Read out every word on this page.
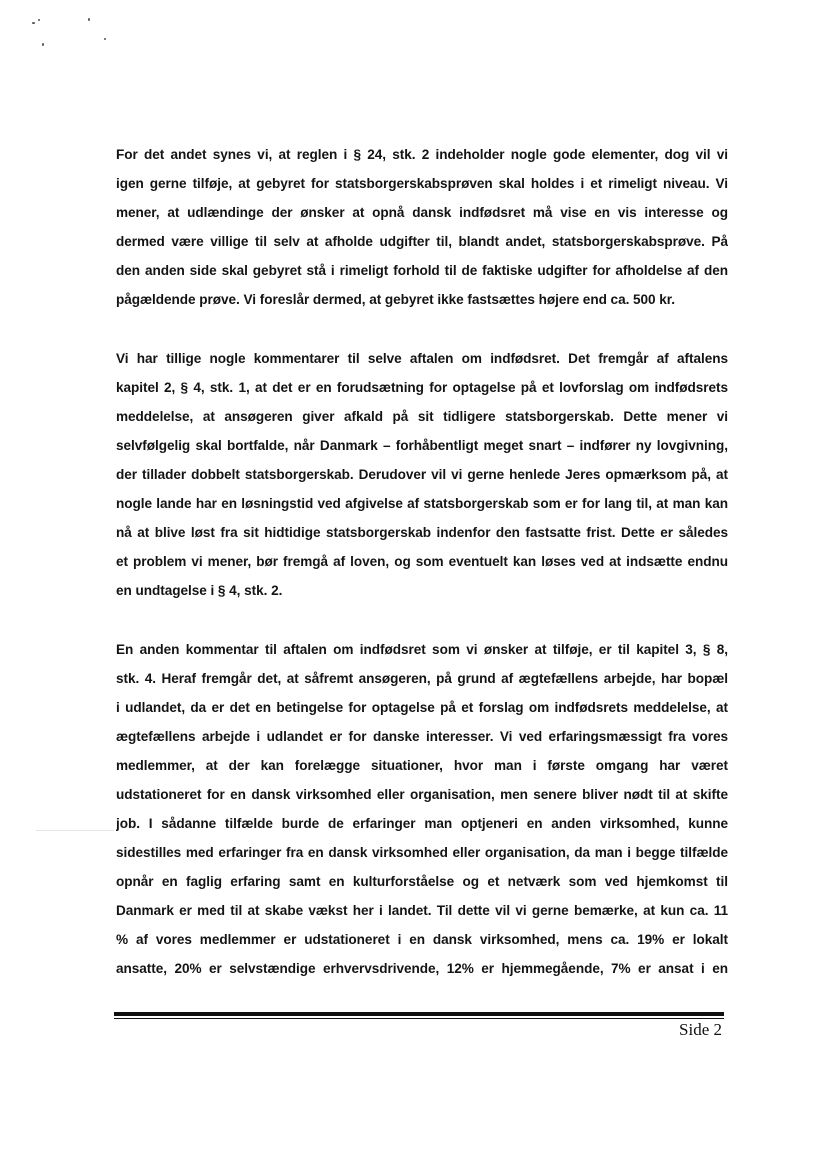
For det andet synes vi, at reglen i § 24, stk. 2 indeholder nogle gode elementer, dog vil vi
igen gerne tilføje, at gebyret for statsborgerskabsprøven skal holdes i et rimeligt niveau. Vi
mener, at udlændinge der ønsker at opnå dansk indfødsret må vise en vis interesse og
dermed være villige til selv at afholde udgifter til, blandt andet, statsborgerskabsprøve. På
den anden side skal gebyret stå i rimeligt forhold til de faktiske udgifter for afholdelse af den
pågældende prøve. Vi foreslår dermed, at gebyret ikke fastsættes højere end ca. 500 kr.
Vi har tillige nogle kommentarer til selve aftalen om indfødsret. Det fremgår af aftalens
kapitel 2, § 4, stk. 1, at det er en forudsætning for optagelse på et lovforslag om indfødsrets
meddelelse, at ansøgeren giver afkald på sit tidligere statsborgerskab. Dette mener vi
selvfølgelig skal bortfalde, når Danmark – forhåbentligt meget snart – indfører ny lovgivning,
der tillader dobbelt statsborgerskab. Derudover vil vi gerne henlede Jeres opmærksom på, at
nogle lande har en løsningstid ved afgivelse af statsborgerskab som er for lang til, at man kan
nå at blive løst fra sit hidtidige statsborgerskab indenfor den fastsatte frist. Dette er således
et problem vi mener, bør fremgå af loven, og som eventuelt kan løses ved at indsætte endnu
en undtagelse i § 4, stk. 2.
En anden kommentar til aftalen om indfødsret som vi ønsker at tilføje, er til kapitel 3, § 8,
stk. 4. Heraf fremgår det, at såfremt ansøgeren, på grund af ægtefællens arbejde, har bopæl
i udlandet, da er det en betingelse for optagelse på et forslag om indfødsrets meddelelse, at
ægtefællens arbejde i udlandet er for danske interesser. Vi ved erfaringsmæssigt fra vores
medlemmer, at der kan forelægge situationer, hvor man i første omgang har været
udstationeret for en dansk virksomhed eller organisation, men senere bliver nødt til at skifte
job. I sådanne tilfælde burde de erfaringer man optjeneri en anden virksomhed, kunne
sidestilles med erfaringer fra en dansk virksomhed eller organisation, da man i begge tilfælde
opnår en faglig erfaring samt en kulturforståelse og et netværk som ved hjemkomst til
Danmark er med til at skabe vækst her i landet. Til dette vil vi gerne bemærke, at kun ca. 11
% af vores medlemmer er udstationeret i en dansk virksomhed, mens ca. 19% er lokalt
ansatte, 20% er selvstændige erhvervsdrivende, 12% er hjemmegående, 7% er ansat i en
Side 2
